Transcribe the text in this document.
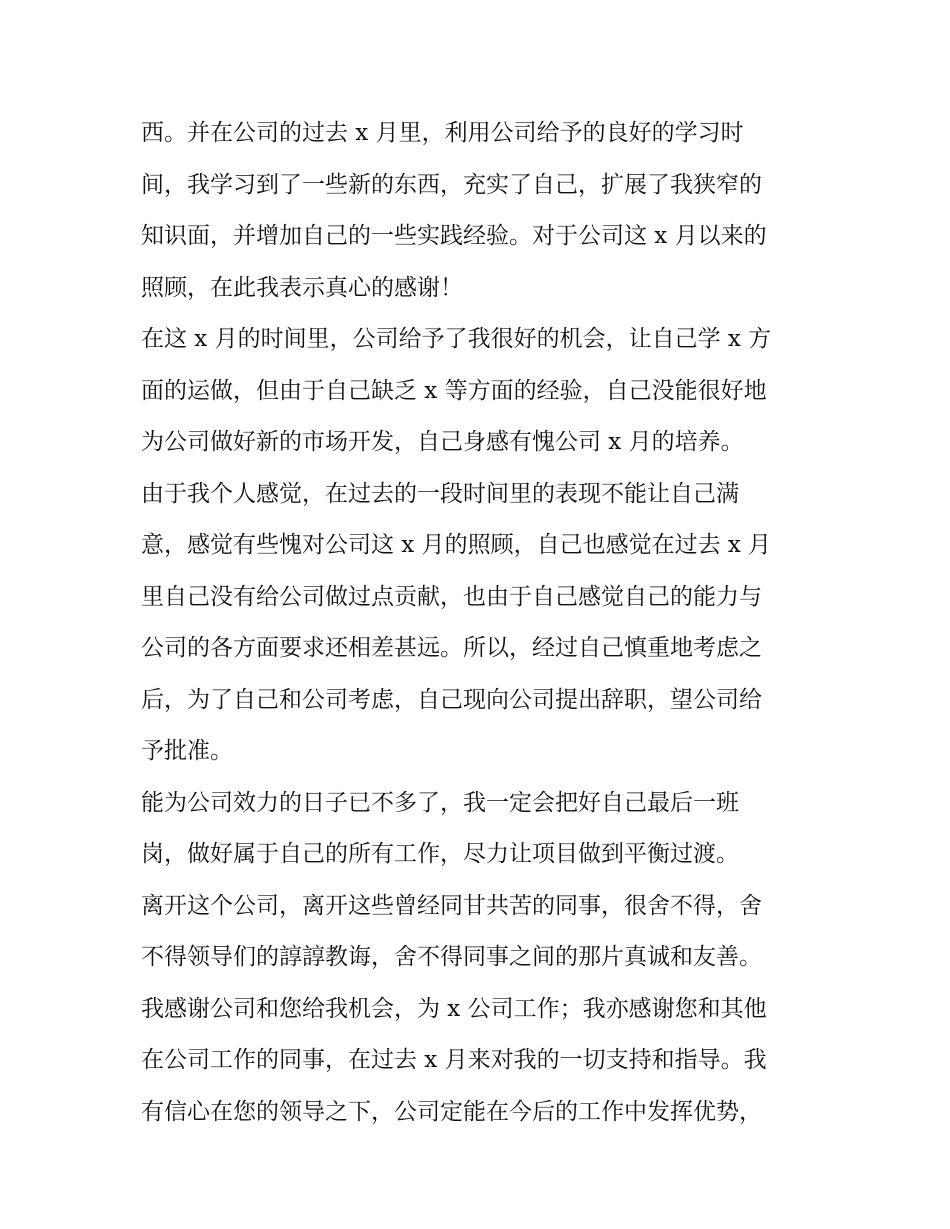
西。并在公司的过去 x 月里，利用公司给予的良好的学习时
间，我学习到了一些新的东西，充实了自己，扩展了我狭窄的
知识面，并增加自己的一些实践经验。对于公司这 x 月以来的
照顾，在此我表示真心的感谢！
在这 x 月的时间里，公司给予了我很好的机会，让自己学 x 方
面的运做，但由于自己缺乏 x 等方面的经验，自己没能很好地
为公司做好新的市场开发，自己身感有愧公司 x 月的培养。
由于我个人感觉，在过去的一段时间里的表现不能让自己满
意，感觉有些愧对公司这 x 月的照顾，自己也感觉在过去 x 月
里自己没有给公司做过点贡献，也由于自己感觉自己的能力与
公司的各方面要求还相差甚远。所以，经过自己慎重地考虑之
后，为了自己和公司考虑，自己现向公司提出辞职，望公司给
予批准。
能为公司效力的日子已不多了，我一定会把好自己最后一班
岗，做好属于自己的所有工作，尽力让项目做到平衡过渡。
离开这个公司，离开这些曾经同甘共苦的同事，很舍不得，舍
不得领导们的諄諄教诲，舍不得同事之间的那片真诚和友善。
我感谢公司和您给我机会，为 x 公司工作；我亦感谢您和其他
在公司工作的同事，在过去 x 月来对我的一切支持和指导。我
有信心在您的领导之下，公司定能在今后的工作中发挥优势，
